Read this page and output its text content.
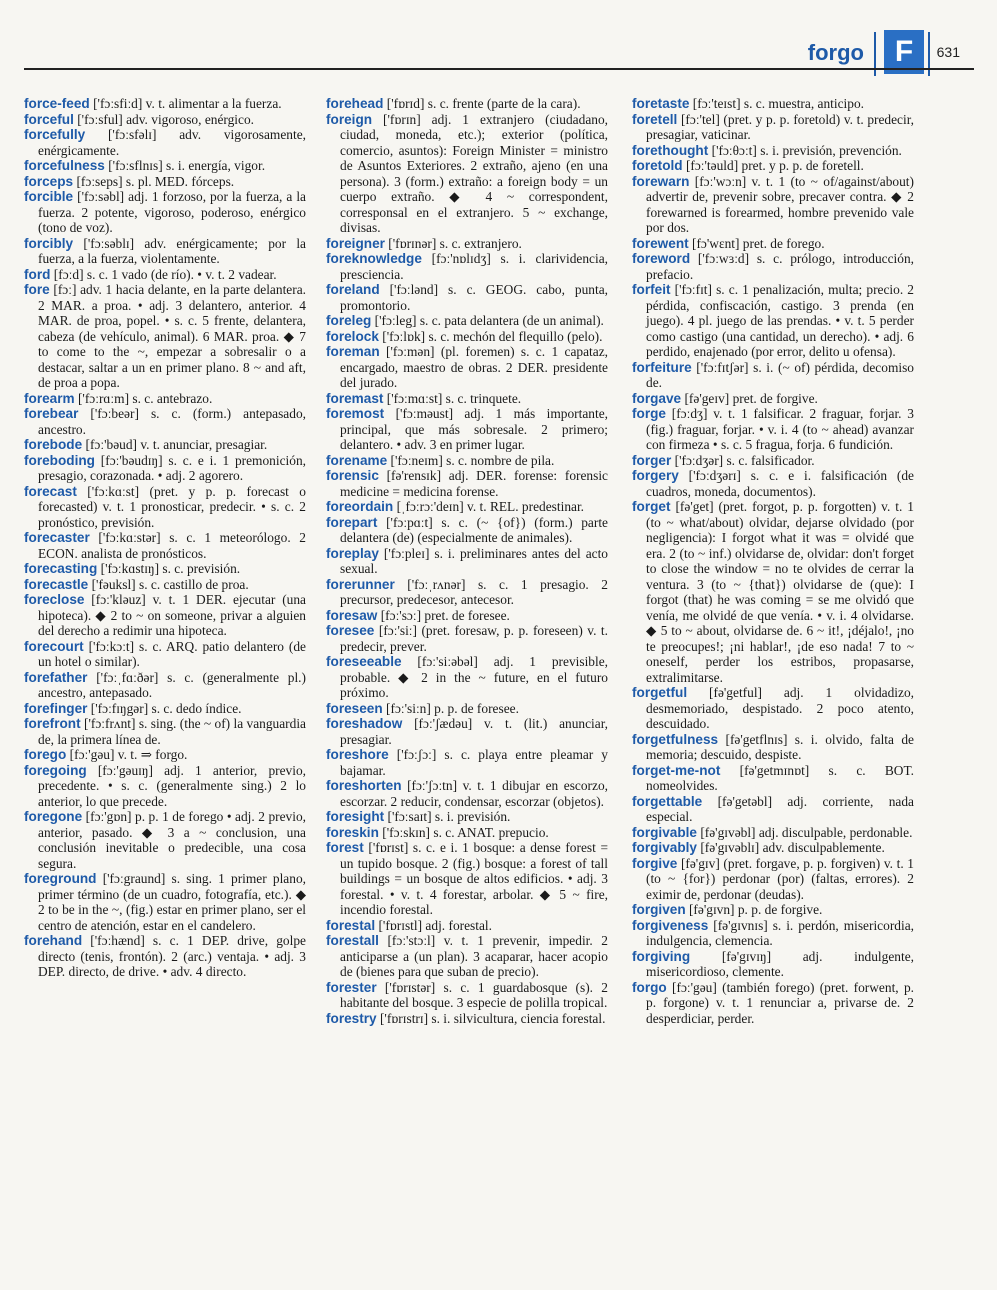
forgo	F	631

force-feed ['fɔːsfiːd] v. t. alimentar a la fuerza.

forceful ['fɔːsful] adv. vigoroso, enérgico.

forcefully ['fɔːsfəlɪ] adv. vigorosamente, enérgicamente.

forcefulness ['fɔːsflnɪs] s. i. energía, vigor.

forceps [fɔːseps] s. pl. MED. fórceps.

forcible ['fɔːsəbl] adj. 1 forzoso, por la fuerza, a la fuerza. 2 potente, vigoroso, poderoso, enérgico (tono de voz).

forcibly ['fɔːsəblɪ] adv. enérgicamente; por la fuerza, a la fuerza, violentamente.

ford [fɔːd] s. c. 1 vado (de río). • v. t. 2 vadear.

fore [fɔː] adv. 1 hacia delante, en la parte delantera. 2 MAR. a proa. • adj. 3 delantero, anterior. 4 MAR. de proa, popel. • s. c. 5 frente, delantera, cabeza (de vehículo, animal). 6 MAR. proa. ◆ 7 to come to the ~, empezar a sobresalir o a destacar, saltar a un en primer plano. 8 ~ and aft, de proa a popa.

forearm ['fɔːrɑːm] s. c. antebrazo.

forebear ['fɔːbeər] s. c. (form.) antepasado, ancestro.

forebode [fɔː'bəud] v. t. anunciar, presagiar.

foreboding [fɔː'bəudɪŋ] s. c. e i. 1 premonición, presagio, corazonada. • adj. 2 agorero.

forecast ['fɔːkɑːst] (pret. y p. p. forecast o forecasted) v. t. 1 pronosticar, predecir. • s. c. 2 pronóstico, previsión.

forecaster ['fɔːkɑːstər] s. c. 1 meteorólogo. 2 ECON. analista de pronósticos.

forecasting ['fɔːkɑstɪŋ] s. c. previsión.

forecastle ['fəuksl] s. c. castillo de proa.

foreclose [fɔː'kləuz] v. t. 1 DER. ejecutar (una hipoteca). ◆ 2 to ~ on someone, privar a alguien del derecho a redimir una hipoteca.

forecourt ['fɔːkɔːt] s. c. ARQ. patio delantero (de un hotel o similar).

forefather ['fɔːˌfɑːðər] s. c. (generalmente pl.) ancestro, antepasado.

forefinger ['fɔːfɪŋgər] s. c. dedo índice.

forefront ['fɔːfrʌnt] s. sing. (the ~ of) la vanguardia de, la primera línea de.

forego [fɔː'gəu] v. t. ⇒ forgo.

foregoing [fɔː'gəuɪŋ] adj. 1 anterior, previo, precedente. • s. c. (generalmente sing.) 2 lo anterior, lo que precede.

foregone [fɔː'gɒn] p. p. 1 de forego • adj. 2 previo, anterior, pasado. ◆ 3 a ~ conclusion, una conclusión inevitable o predecible, una cosa segura.

foreground ['fɔːgraund] s. sing. 1 primer plano, primer término (de un cuadro, fotografía, etc.). ◆ 2 to be in the ~, (fig.) estar en primer plano, ser el centro de atención, estar en el candelero.

forehand ['fɔːhænd] s. c. 1 DEP. drive, golpe directo (tenis, frontón). 2 (arc.) ventaja. • adj. 3 DEP. directo, de drive. • adv. 4 directo.

forehead ['fɒrɪd] s. c. frente (parte de la cara).

foreign ['fɒrɪn] adj. 1 extranjero (ciudadano, ciudad, moneda, etc.); exterior (política, comercio, asuntos): Foreign Minister = ministro de Asuntos Exteriores. 2 extraño, ajeno (en una persona). 3 (form.) extraño: a foreign body = un cuerpo extraño. ◆ 4 ~ correspondent, corresponsal en el extranjero. 5 ~ exchange, divisas.

foreigner ['fɒrɪnər] s. c. extranjero.

foreknowledge [fɔː'nɒlɪdʒ] s. i. clarividencia, presciencia.

foreland ['fɔːlənd] s. c. GEOG. cabo, punta, promontorio.

foreleg ['fɔːleg] s. c. pata delantera (de un animal).

forelock ['fɔːlɒk] s. c. mechón del flequillo (pelo).

foreman ['fɔːmən] (pl. foremen) s. c. 1 capataz, encargado, maestro de obras. 2 DER. presidente del jurado.

foremast ['fɔːmɑːst] s. c. trinquete.

foremost ['fɔːməust] adj. 1 más importante, principal, que más sobresale. 2 primero; delantero. • adv. 3 en primer lugar.

forename ['fɔːneɪm] s. c. nombre de pila.

forensic [fə'rensɪk] adj. DER. forense: forensic medicine = medicina forense.

foreordain [ˌfɔːrɔː'deɪn] v. t. REL. predestinar.

forepart ['fɔːpɑːt] s. c. (~ {of}) (form.) parte delantera (de) (especialmente de animales).

foreplay ['fɔːpleɪ] s. i. preliminares antes del acto sexual.

forerunner ['fɔːˌrʌnər] s. c. 1 presagio. 2 precursor, predecesor, antecesor.

foresaw [fɔː'sɔː] pret. de foresee.

foresee [fɔː'siː] (pret. foresaw, p. p. foreseen) v. t. predecir, prever.

foreseeable [fɔː'siːəbəl] adj. 1 previsible, probable. ◆ 2 in the ~ future, en el futuro próximo.

foreseen [fɔː'siːn] p. p. de foresee.

foreshadow [fɔː'ʃædəu] v. t. (lit.) anunciar, presagiar.

foreshore ['fɔːʃɔː] s. c. playa entre pleamar y bajamar.

foreshorten [fɔː'ʃɔːtn] v. t. 1 dibujar en escorzo, escorzar. 2 reducir, condensar, escorzar (objetos).

foresight ['fɔːsaɪt] s. i. previsión.

foreskin ['fɔːskɪn] s. c. ANAT. prepucio.

forest ['fɒrɪst] s. c. e i. 1 bosque: a dense forest = un tupido bosque. 2 (fig.) bosque: a forest of tall buildings = un bosque de altos edificios. • adj. 3 forestal. • v. t. 4 forestar, arbolar. ◆ 5 ~ fire, incendio forestal.

forestal ['fɒrɪstl] adj. forestal.

forestall [fɔː'stɔːl] v. t. 1 prevenir, impedir. 2 anticiparse a (un plan). 3 acaparar, hacer acopio de (bienes para que suban de precio).

forester ['fɒrɪstər] s. c. 1 guardabosque (s). 2 habitante del bosque. 3 especie de polilla tropical.

forestry ['fɒrɪstrɪ] s. i. silvicultura, ciencia forestal.

foretaste [fɔː'teɪst] s. c. muestra, anticipo.

foretell [fɔː'tel] (pret. y p. p. foretold) v. t. predecir, presagiar, vaticinar.

forethought ['fɔːθɔːt] s. i. previsión, prevención.

foretold [fɔː'təuld] pret. y p. p. de foretell.

forewarn [fɔː'wɔːn] v. t. 1 (to ~ of/against/about) advertir de, prevenir sobre, precaver contra. ◆ 2 forewarned is forearmed, hombre prevenido vale por dos.

forewent [fɔ'wɛnt] pret. de forego.

foreword ['fɔːwɜːd] s. c. prólogo, introducción, prefacio.

forfeit ['fɔːfɪt] s. c. 1 penalización, multa; precio. 2 pérdida, confiscación, castigo. 3 prenda (en juego). 4 pl. juego de las prendas. • v. t. 5 perder como castigo (una cantidad, un derecho). • adj. 6 perdido, enajenado (por error, delito u ofensa).

forfeiture ['fɔːfɪtʃər] s. i. (~ of) pérdida, decomiso de.

forgave [fə'geɪv] pret. de forgive.

forge [fɔːdʒ] v. t. 1 falsificar. 2 fraguar, forjar. 3 (fig.) fraguar, forjar. • v. i. 4 (to ~ ahead) avanzar con firmeza • s. c. 5 fragua, forja. 6 fundición.

forger ['fɔːdʒər] s. c. falsificador.

forgery ['fɔːdʒərɪ] s. c. e i. falsificación (de cuadros, moneda, documentos).

forget [fə'get] (pret. forgot, p. p. forgotten) v. t. 1 (to ~ what/about) olvidar, dejarse olvidado (por negligencia): I forgot what it was = olvidé que era. 2 (to ~ inf.) olvidarse de, olvidar: don't forget to close the window = no te olvides de cerrar la ventura. 3 (to ~ {that}) olvidarse de (que): I forgot (that) he was coming = se me olvidó que venía, me olvidé de que venía. • v. i. 4 olvidarse. ◆ 5 to ~ about, olvidarse de. 6 ~ it!, ¡déjalo!, ¡no te preocupes!; ¡ni hablar!, ¡de eso nada! 7 to ~ oneself, perder los estribos, propasarse, extralimitarse.

forgetful [fə'getful] adj. 1 olvidadizo, desmemoriado, despistado. 2 poco atento, descuidado.

forgetfulness [fə'getflnɪs] s. i. olvido, falta de memoria; descuido, despiste.

forget-me-not [fə'getmɪnɒt] s. c. BOT. nomeolvides.

forgettable [fə'getəbl] adj. corriente, nada especial.

forgivable [fə'gɪvəbl] adj. disculpable, perdonable.

forgivably [fə'gɪvəblɪ] adv. disculpablemente.

forgive [fə'gɪv] (pret. forgave, p. p. forgiven) v. t. 1 (to ~ {for}) perdonar (por) (faltas, errores). 2 eximir de, perdonar (deudas).

forgiven [fə'gɪvn] p. p. de forgive.

forgiveness [fə'gɪvnɪs] s. i. perdón, misericordia, indulgencia, clemencia.

forgiving [fə'gɪvɪŋ] adj. indulgente, misericordioso, clemente.

forgo [fɔː'gəu] (también forego) (pret. forwent, p. p. forgone) v. t. 1 renunciar a, privarse de. 2 desperdiciar, perder.
